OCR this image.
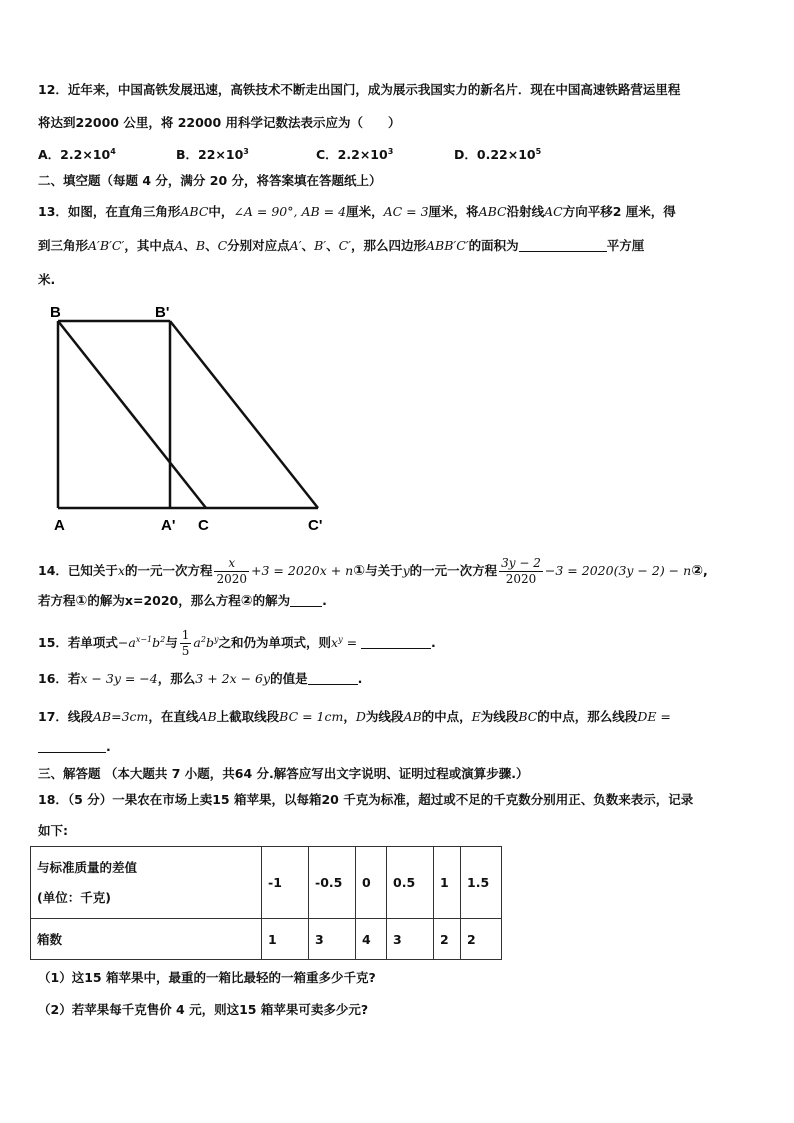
12．近年来，中国高铁发展迅速，高铁技术不断走出国门，成为展示我国实力的新名片．现在中国高速铁路营运里程
将达到22000 公里，将 22000 用科学记数法表示应为（　　）
A．$2.2\times 10^4$	B．$22\times 10^3$	C．$2.2\times 10^3$	D．$0.22\times 10^5$
二、填空题（每题 4 分，满分 20 分，将答案填在答题纸上）
13．如图，在直角三角形ABC中，∠A = 90°, AB = 4厘米，AC = 3厘米，将ABC沿射线AC方向平移2 厘米，得
到三角形A′B′C′，其中点A、B、C分别对应点A′、B′、C′，那么四边形ABB′C′的面积为	平方厘
米.
B	B'
A	A' C	C'
14．已知关于x的一元一次方程 $\frac{x}{2020} +3 = 2020x$ + n①与关于y的一元一次方程 $\frac{3y - 2}{2020} -3 = 2020(3y - 2)$ − n②,
若方程①的解为x=2020，那么方程②的解为	.
15．若单项式$-a^{x-1}b^2$与 $\frac{1}{5} a^2b^y$之和仍为单项式，则$x^y$ =	.
16．若x − 3y = −4，那么3 + 2x − 6y的值是	.
17．线段AB=3cm，在直线AB上截取线段BC = 1cm，D为线段AB的中点，E为线段BC的中点，那么线段DE =
.
三、解答题 （本大题共 7 小题，共64 分.解答应写出文字说明、证明过程或演算步骤.）
18．（5 分）一果农在市场上卖15 箱苹果，以每箱20 千克为标准，超过或不足的千克数分别用正、负数来表示，记录
如下:
与标准质量的差值
(单位：千克)	-1	-0.5	0	0.5	1	1.5
箱数	1	3	4	3	2	2
（1）这15 箱苹果中，最重的一箱比最轻的一箱重多少千克?
（2）若苹果每千克售价 4 元，则这15 箱苹果可卖多少元?
